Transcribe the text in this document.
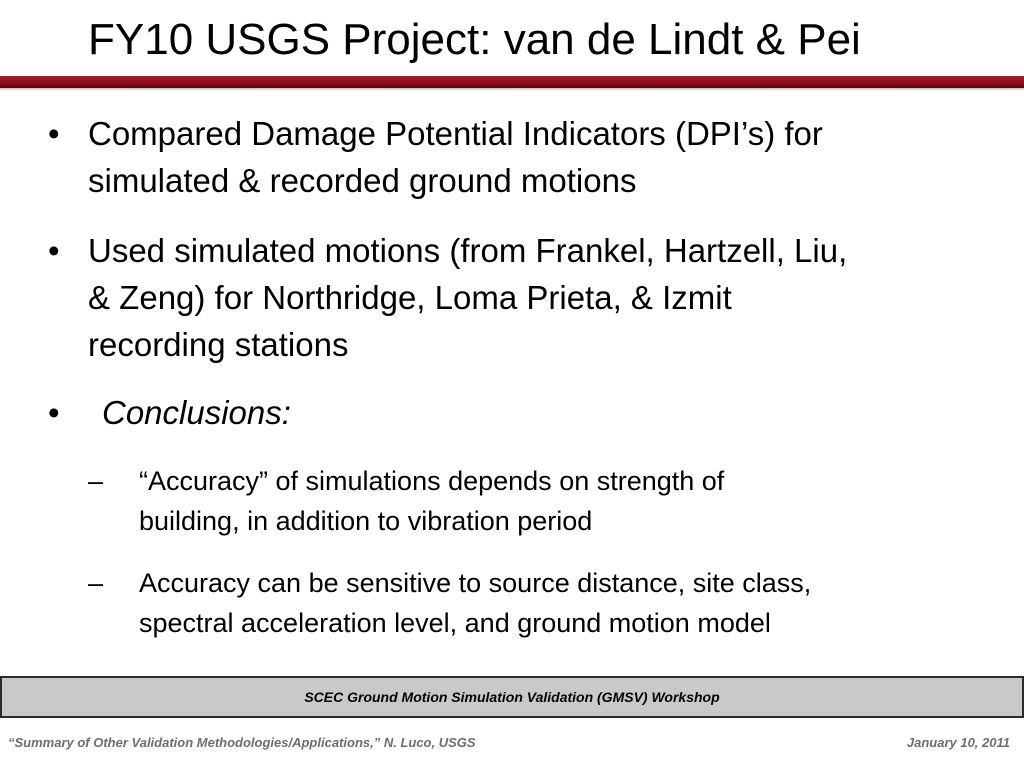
FY10 USGS Project: van de Lindt & Pei
• Compared Damage Potential Indicators (DPI’s) for
simulated & recorded ground motions
• Used simulated motions (from Frankel, Hartzell, Liu,
& Zeng) for Northridge, Loma Prieta, & Izmit
recording stations
• Conclusions:
– “Accuracy” of simulations depends on strength of
building, in addition to vibration period
– Accuracy can be sensitive to source distance, site class,
spectral acceleration level, and ground motion model
SCEC Ground Motion Simulation Validation (GMSV) Workshop
“Summary of Other Validation Methodologies/Applications,” N. Luco, USGS	January 10, 2011
